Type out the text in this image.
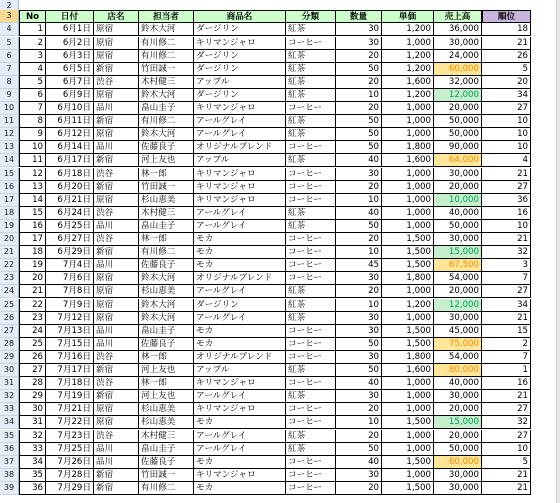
2
3	No	日付	店名	担当者	商品名	分類	数量	単価	売上高	順位
4	1	6月1日 原宿	鈴木大河	ダージリン	紅茶	30	1,200	36,000	18
5	2	6月2日 原宿	有川修二	キリマンジャロ	コーヒー	30	1,000	30,000	21
6	3	6月3日 原宿	有川修二	ダージリン	紅茶	20	1,200	24,000	26
7	4	6月5日 新宿	竹田誠一	ダージリン	紅茶	50	1,200	60,000	5
8	5	6月7日 渋谷	木村健三	アップル	紅茶	20	1,600	32,000	20
9	6	6月9日 原宿	鈴木大河	ダージリン	紅茶	10	1,200	12,000	34
10	7	6月10日 品川	畠山圭子	キリマンジャロ	コーヒー	20	1,000	20,000	27
11	8	6月11日 新宿	有川修二	アールグレイ	紅茶	50	1,000	50,000	10
12	9	6月12日 原宿	鈴木大河	アールグレイ	紅茶	50	1,000	50,000	10
13	10	6月14日 品川	佐藤良子	オリジナルブレンド	コーヒー	50	1,800	90,000	10
14	11	6月17日 新宿	河上友也	アップル	紅茶	40	1,600	64,000	4
15	12	6月18日 渋谷	林一郎	キリマンジャロ	コーヒー	30	1,000	30,000	21
16	13	6月20日 新宿	竹田誠一	キリマンジャロ	コーヒー	20	1,000	20,000	27
17	14	6月21日 原宿	杉山恵美	キリマンジャロ	コーヒー	10	1,000	10,000	36
18	15	6月24日 渋谷	木村健三	アールグレイ	紅茶	40	1,000	40,000	16
19	16	6月25日 品川	畠山圭子	アールグレイ	紅茶	50	1,000	50,000	10
20	17	6月27日 渋谷	林一郎	モカ	コーヒー	20	1,500	30,000	21
21	18	6月29日 新宿	有川修二	モカ	コーヒー	10	1,500	15,000	32
22	19	7月4日 品川	佐藤良子	モカ	コーヒー	45	1,500	67,500	3
23	20	7月6日 原宿	鈴木大河	オリジナルブレンド	コーヒー	30	1,800	54,000	7
24	21	7月8日 原宿	杉山恵美	アールグレイ	紅茶	20	1,000	20,000	27
25	22	7月9日 原宿	鈴木大河	ダージリン	紅茶	10	1,200	12,000	34
26	23	7月12日 原宿	鈴木大河	アールグレイ	紅茶	30	1,000	30,000	21
27	24	7月13日 品川	畠山圭子	モカ	コーヒー	30	1,500	45,000	15
28	25	7月15日 品川	佐藤良子	モカ	コーヒー	50	1,500	75,000	2
29	26	7月16日 渋谷	林一郎	オリジナルブレンド	コーヒー	30	1,800	54,000	7
30	27	7月17日 新宿	河上友也	アップル	紅茶	50	1,600	80,000	1
31	28	7月18日 渋谷	林一郎	キリマンジャロ	コーヒー	40	1,000	40,000	16
32	29	7月19日 新宿	河上友也	アールグレイ	紅茶	30	1,000	30,000	21
33	30	7月21日 原宿	杉山恵美	キリマンジャロ	コーヒー	20	1,000	20,000	27
34	31	7月22日 原宿	杉山恵美	モカ	コーヒー	10	1,500	15,000	32
35	32	7月23日 渋谷	木村健三	アールグレイ	紅茶	20	1,000	20,000	27
36	33	7月25日 品川	畠山圭子	アールグレイ	紅茶	50	1,000	50,000	10
37	34	7月26日 品川	佐藤良子	モカ	コーヒー	40	1,500	60,000	5
38	35	7月28日 新宿	竹田誠一	キリマンジャロ	コーヒー	30	1,000	30,000	21
39	36	7月29日 新宿	有川修二	モカ	コーヒー	20	1,500	30,000	21
